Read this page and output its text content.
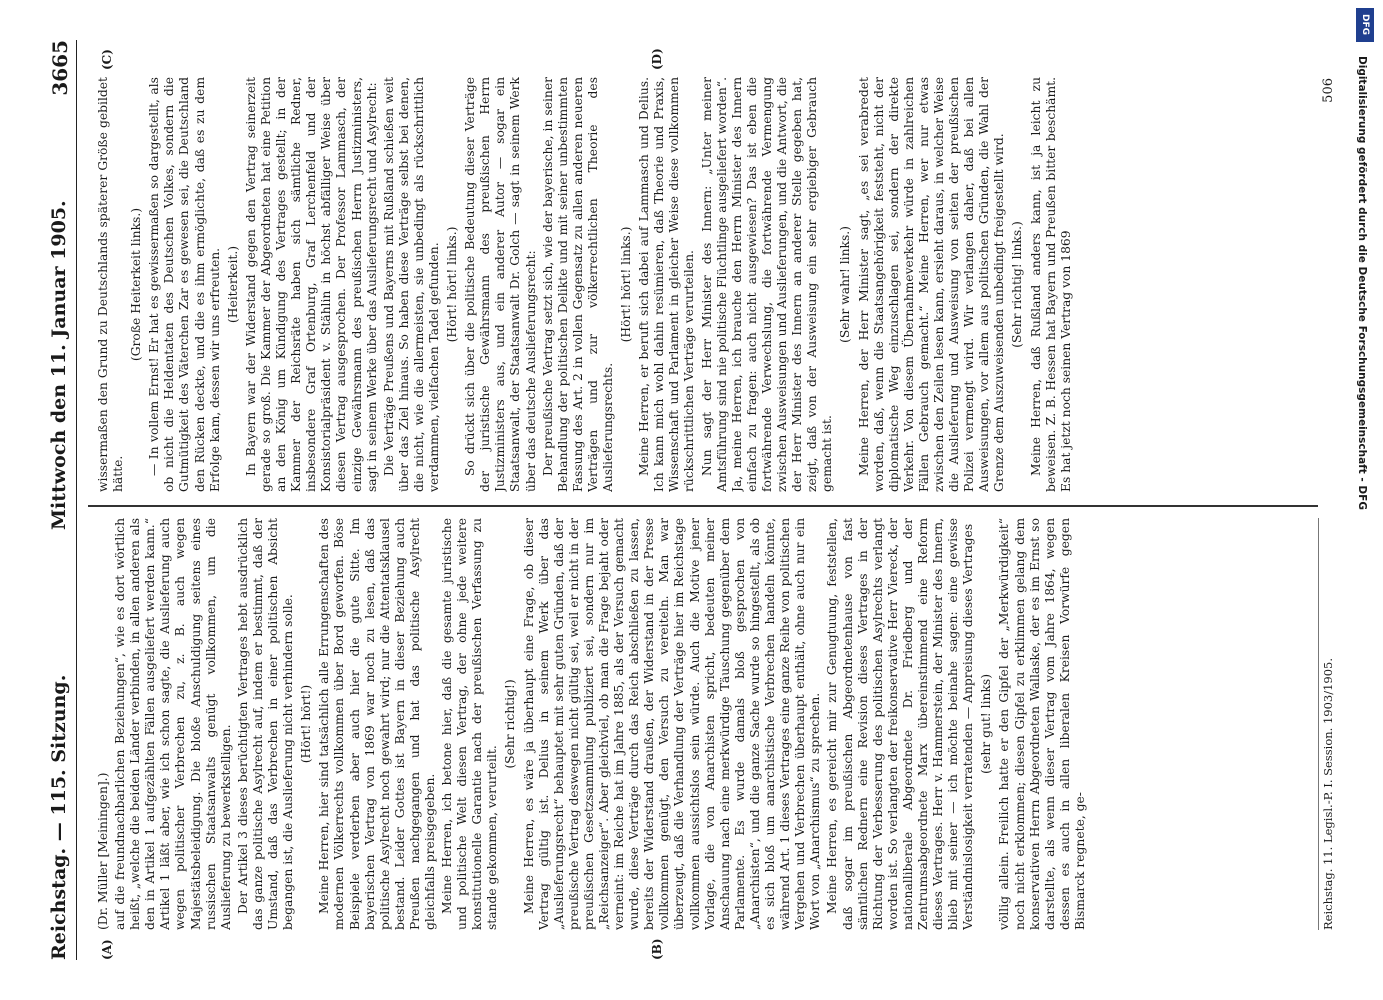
Reichstag. — 115. Sitzung.
Mittwoch den 11. Januar 1905.
3665
(A)	(B)
(C)	(D)

(Dr. Müller [Meiningen].) auf die freundnachbarlichen Beziehungen“, wie es dort wörtlich heißt, „welche die beiden Länder verbinden, in allen anderen als den in Artikel 1 aufgezählten Fällen ausgeliefert werden kann.“ Artikel 1 läßt aber, wie ich schon sagte, die Auslieferung auch wegen politischer Verbrechen zu, z. B. auch wegen Majestätsbeleidigung. Die bloße Anschuldigung seitens eines russischen Staatsanwalts genügt vollkommen, um die Auslieferung zu bewerkstelligen. Der Artikel 3 dieses berüchtigten Vertrages hebt ausdrücklich das ganze politische Asylrecht auf, indem er bestimmt, daß der Umstand, daß das Verbrechen in einer politischen Absicht begangen ist, die Auslieferung nicht verhindern solle. (Hört! hört!) Meine Herren, hier sind tatsächlich alle Errungenschaften des modernen Völkerrechts vollkommen über Bord geworfen. Böse Beispiele verderben aber auch hier die gute Sitte. Im bayerischen Vertrag von 1869 war noch zu lesen, daß das politische Asylrecht noch gewahrt wird; nur die Attentatsklausel bestand. Leider Gottes ist Bayern in dieser Beziehung auch Preußen nachgegangen und hat das politische Asylrecht gleichfalls preisgegeben. Meine Herren, ich betone hier, daß die gesamte juristische und politische Welt diesen Vertrag, der ohne jede weitere konstitutionelle Garantie nach der preußischen Verfassung zu stande gekommen, verurteilt.

(Sehr richtig!) Meine Herren, es wäre ja überhaupt eine Frage, ob dieser Vertrag gültig ist. Delius in seinem Werk über das „Auslieferungsrecht“ behauptet mit sehr guten Gründen, daß der preußische Vertrag deswegen nicht gültig sei, weil er nicht in der preußischen Gesetzsammlung publiziert sei, sondern nur im „Reichsanzeiger“. Aber gleichviel, ob man die Frage bejaht oder verneint: im Reiche hat im Jahre 1885, als der Versuch gemacht wurde, diese Verträge durch das Reich abschließen zu lassen, bereits der Widerstand draußen, der Widerstand in der Presse vollkommen genügt, den Versuch zu vereiteln. Man war überzeugt, daß die Verhandlung der Verträge hier im Reichstage vollkommen aussichtslos sein würde. Auch die Motive jener Vorlage, die von Anarchisten spricht, bedeuten meiner Anschauung nach eine merkwürdige Täuschung gegenüber dem Parlamente. Es wurde damals bloß gesprochen von „Anarchisten“, und die ganze Sache wurde so hingestellt, als ob es sich bloß um anarchistische Verbrechen handeln könnte, während Art. 1 dieses Vertrages eine ganze Reihe von politischen Vergehen und Verbrechen überhaupt enthält, ohne auch nur ein Wort von „Anarchismus“ zu sprechen. Meine Herren, es gereicht mir zur Genugtuung, feststellen, daß sogar im preußischen Abgeordnetenhause von fast sämtlichen Rednern eine Revision dieses Vertrages in der Richtung der Verbesserung des politischen Asylrechts verlangt worden ist. So verlangten der freikonservative Herr Viereck, der nationalliberale Abgeordnete Dr. Friedberg und der Zentrumsabgeordnete Marx übereinstimmend eine Reform dieses Vertrages. Herr v. Hammerstein, der Minister des Innern, blieb mit seiner — ich möchte beinahe sagen: eine gewisse Verständnislosigkeit verratenden — Anpreisung dieses Vertrages (sehr gut! links) völlig allein. Freilich hatte er den Gipfel der „Merkwürdigkeit“ noch nicht erklommen; diesen Gipfel zu erklimmen gelang dem konservativen Herrn Abgeordneten Wallaske, der es im Ernst so darstellte, als wenn dieser Vertrag vom Jahre 1864, wegen dessen es auch in allen liberalen Kreisen Vorwürfe gegen Bismarck regnete, ge-

wissermaßen den Grund zu Deutschlands späterer Größe gebildet hätte.

(Große Heiterkeit links.) — In vollem Ernst! Er hat es gewissermaßen so dargestellt, als ob nicht die Heldentaten des Deutschen Volkes, sondern die Gutmütigkeit des Väterchen Zar es gewesen sei, die Deutschland den Rücken deckte, und die es ihm ermöglichte, daß es zu dem Erfolge kam, dessen wir uns erfreuten. (Heiterkeit.) In Bayern war der Widerstand gegen den Vertrag seinerzeit gerade so groß. Die Kammer der Abgeordneten hat eine Petition an den König um Kündigung des Vertrages gestellt; in der Kammer der Reichsräte haben sich sämtliche Redner, insbesondere Graf Ortenburg, Graf Lerchenfeld und der Konsistorialpräsident v. Stählin in höchst abfälliger Weise über diesen Vertrag ausgesprochen. Der Professor Lammasch, der einzige Gewährsmann des preußischen Herrn Justizministers, sagt in seinem Werke über das Auslieferungsrecht und Asylrecht: Die Verträge Preußens und Bayerns mit Rußland schießen weit über das Ziel hinaus. So haben diese Verträge selbst bei denen, die nicht, wie die allermeisten, sie unbedingt als rückschrittlich verdammen, vielfachen Tadel gefunden. (Hört! hört! links.) So drückt sich über die politische Bedeutung dieser Verträge der juristische Gewährsmann des preußischen Herrn Justizministers aus, und ein anderer Autor — sogar ein Staatsanwalt, der Staatsanwalt Dr. Golch — sagt in seinem Werk über das deutsche Auslieferungsrecht: Der preußische Vertrag setzt sich, wie der bayerische, in seiner Behandlung der politischen Delikte und mit seiner unbestimmten Fassung des Art. 2 in vollen Gegensatz zu allen anderen neueren Verträgen und zur völkerrechtlichen Theorie des Auslieferungsrechts.

(Hört! hört! links.) Meine Herren, er beruft sich dabei auf Lammasch und Delius. Ich kann mich wohl dahin resümieren, daß Theorie und Praxis, Wissenschaft und Parlament in gleicher Weise diese vollkommen rückschrittlichen Verträge verurteilen. Nun sagt der Herr Minister des Innern: „Unter meiner Amtsführung sind nie politische Flüchtlinge ausgeliefert worden“. Ja, meine Herren, ich brauche den Herrn Minister des Innern einfach zu fragen: auch nicht ausgewiesen? Das ist eben die fortwährende Verwechslung, die fortwährende Vermengung zwischen Ausweisungen und Auslieferungen, und die Antwort, die der Herr Minister des Innern an anderer Stelle gegeben hat, zeigt, daß von der Ausweisung ein sehr ergiebiger Gebrauch gemacht ist.

(Sehr wahr! links.) Meine Herren, der Herr Minister sagt, „es sei verabredet worden, daß, wenn die Staatsangehörigkeit feststeht, nicht der diplomatische Weg einzuschlagen sei, sondern der direkte Verkehr. Von diesem Übernahmeverkehr würde in zahlreichen Fällen Gebrauch gemacht.“ Meine Herren, wer nur etwas zwischen den Zeilen lesen kann, ersieht daraus, in welcher Weise die Auslieferung und Ausweisung von seiten der preußischen Polizei vermengt wird. Wir verlangen daher, daß bei allen Ausweisungen, vor allem aus politischen Gründen, die Wahl der Grenze dem Auszuweisenden unbedingt freigestellt wird. (Sehr richtig! links.) Meine Herren, daß Rußland anders kann, ist ja leicht zu beweisen. Z. B. Hessen hat Bayern und Preußen bitter beschämt. Es hat jetzt noch seinen Vertrag von 1869

Reichstag. 11. Legisl.-P. I. Session. 1903/1905.
506
DFG
Digitalisierung gefördert durch die Deutsche Forschungsgemeinschaft - DFG
